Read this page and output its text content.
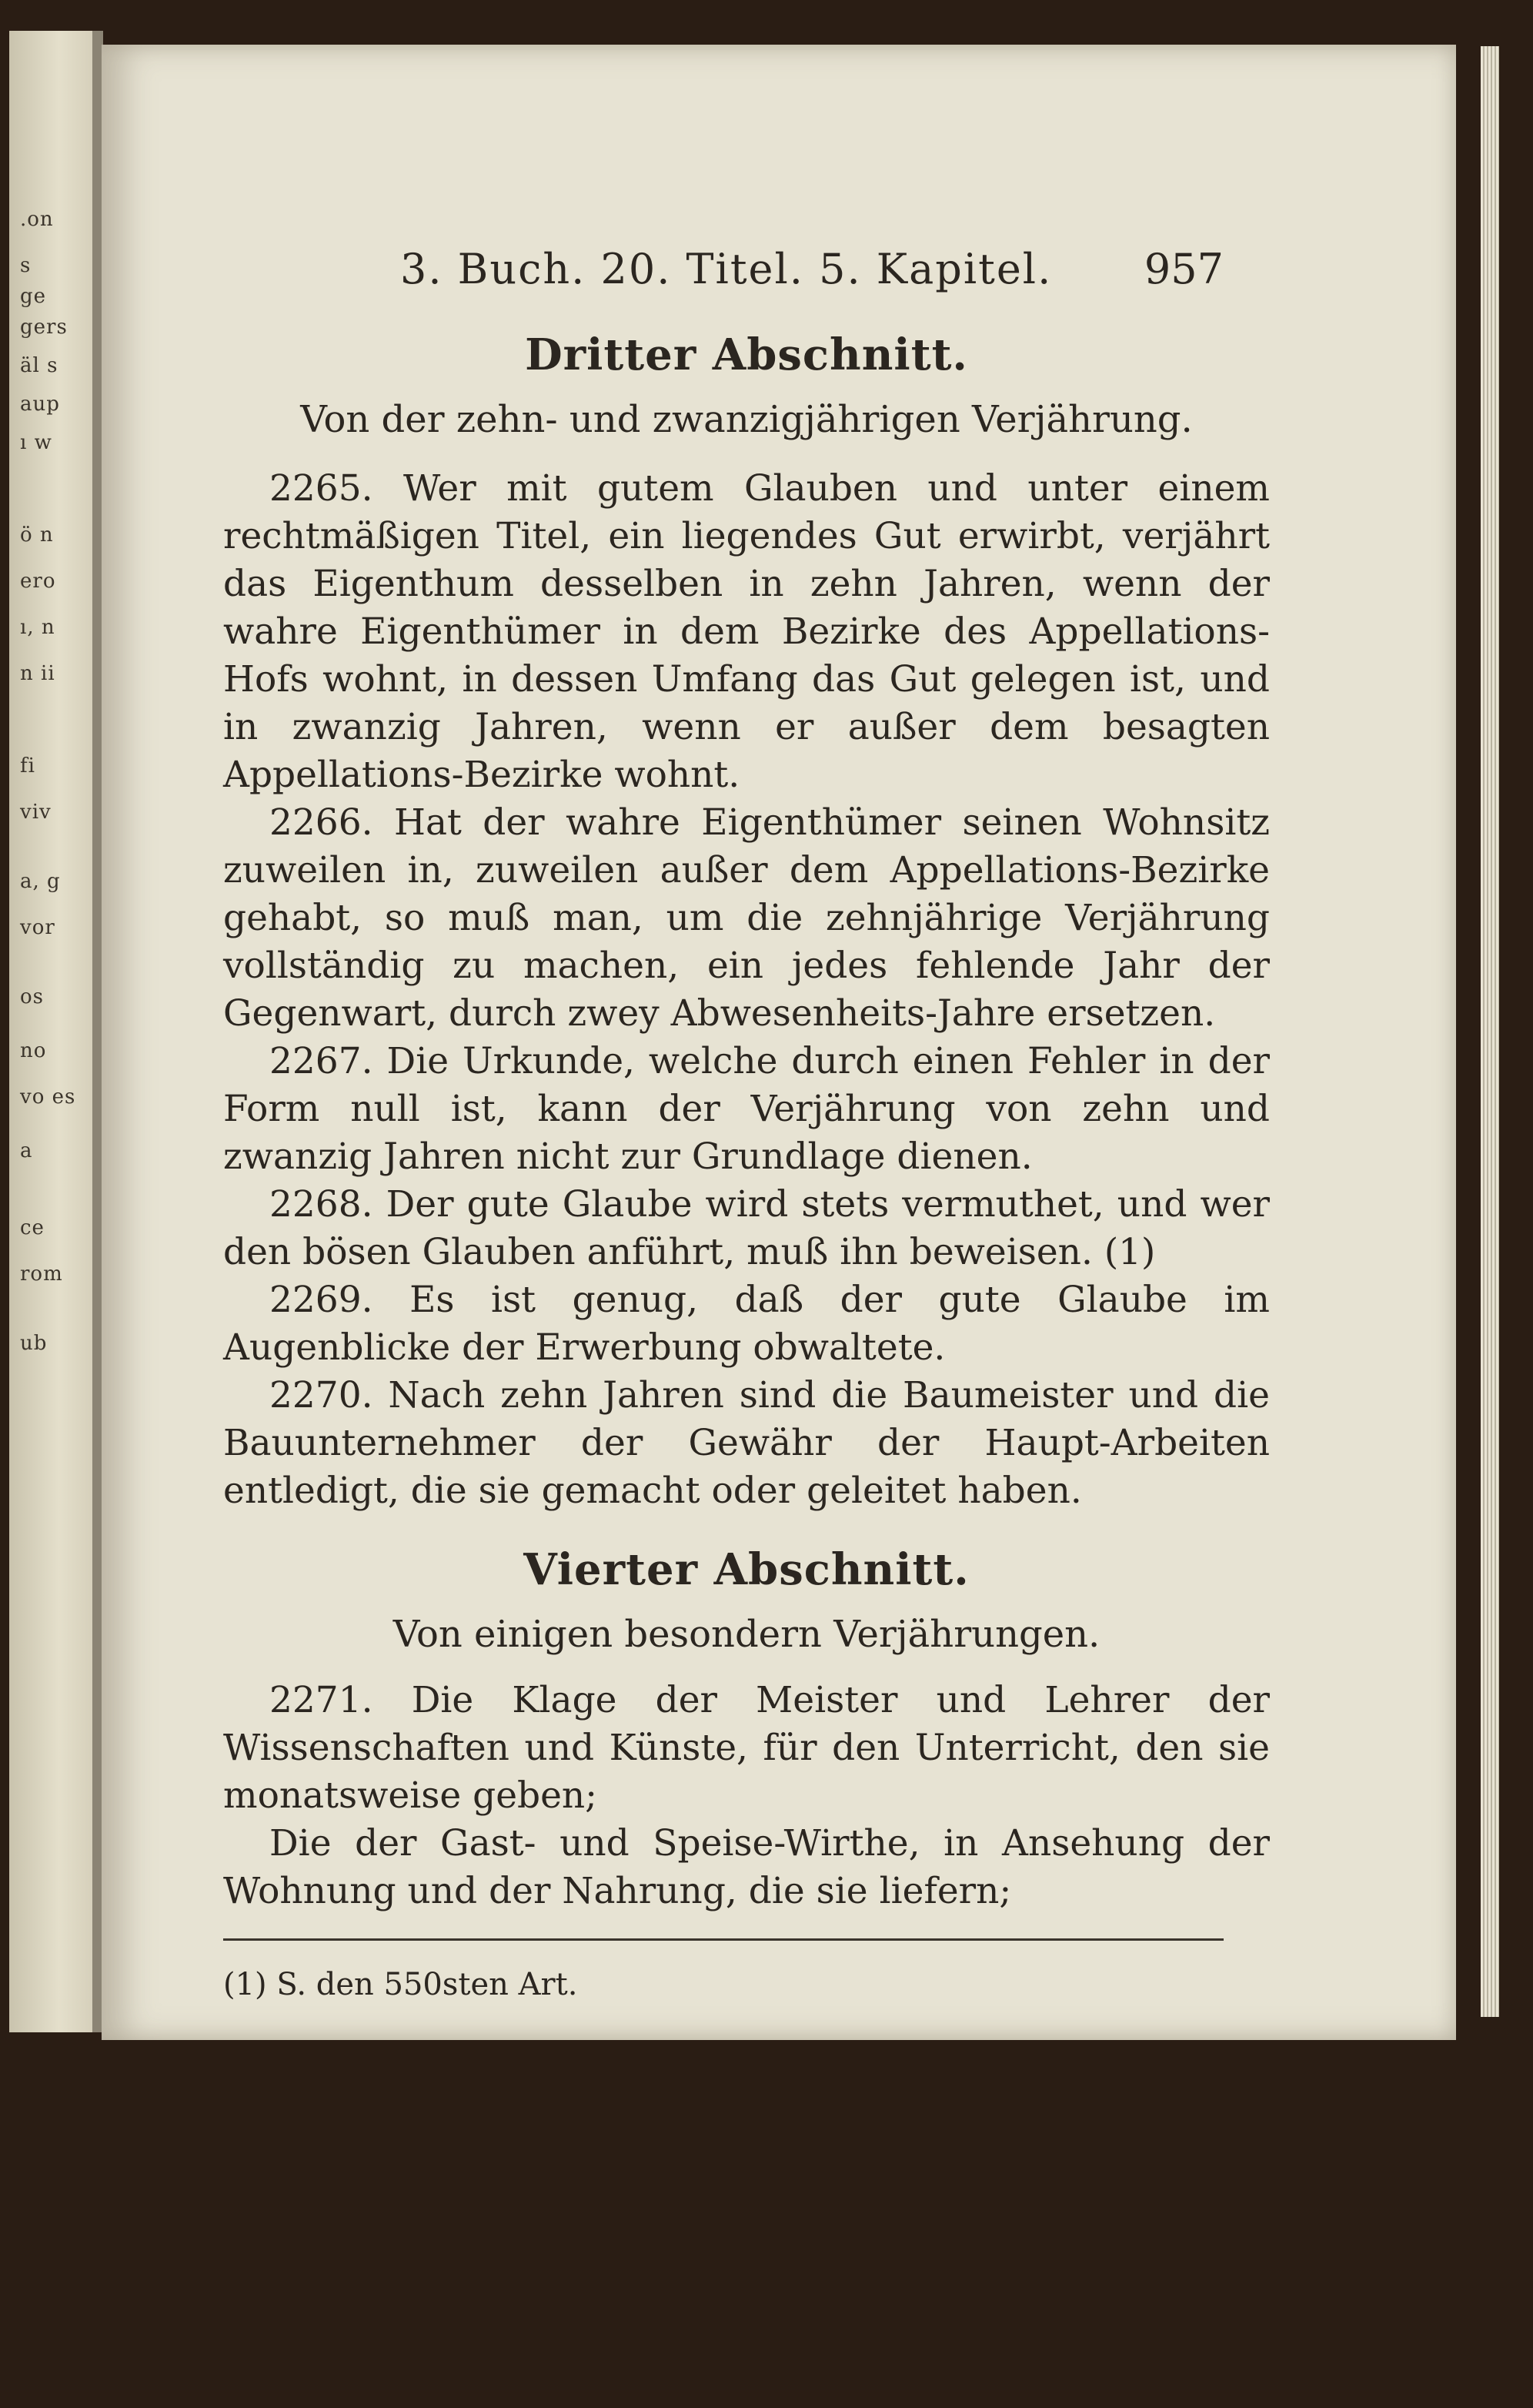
.on
s
ge
gers
äl s
aup
ı w
ö n
ero
ı, n
n ii
fi
viv
a, g
vor
os
no
vo es
a
ce
rom
ub
3. Buch. 20. Titel. 5. Kapitel. 957
Dritter Abschnitt.
Von der zehn- und zwanzigjährigen Verjährung.

2265. Wer mit gutem Glauben und unter einem rechtmäßigen Titel, ein liegendes Gut erwirbt, verjährt das Eigenthum desselben in zehn Jahren, wenn der wahre Eigenthümer in dem Bezirke des Appellations-Hofs wohnt, in dessen Umfang das Gut gelegen ist, und in zwanzig Jahren, wenn er außer dem besagten Appellations-Bezirke wohnt.

2266. Hat der wahre Eigenthümer seinen Wohnsitz zuweilen in, zuweilen außer dem Appellations-Bezirke gehabt, so muß man, um die zehnjährige Verjährung vollständig zu machen, ein jedes fehlende Jahr der Gegenwart, durch zwey Abwesenheits-Jahre ersetzen.

2267. Die Urkunde, welche durch einen Fehler in der Form null ist, kann der Verjährung von zehn und zwanzig Jahren nicht zur Grundlage dienen.

2268. Der gute Glaube wird stets vermuthet, und wer den bösen Glauben anführt, muß ihn beweisen. (1)

2269. Es ist genug, daß der gute Glaube im Augenblicke der Erwerbung obwaltete.

2270. Nach zehn Jahren sind die Baumeister und die Bauunternehmer der Gewähr der Haupt-Arbeiten entledigt, die sie gemacht oder geleitet haben.

Vierter Abschnitt.
Von einigen besondern Verjährungen.

2271. Die Klage der Meister und Lehrer der Wissenschaften und Künste, für den Unterricht, den sie monatsweise geben;

Die der Gast- und Speise-Wirthe, in Ansehung der Wohnung und der Nahrung, die sie liefern;

(1) S. den 550sten Art.
